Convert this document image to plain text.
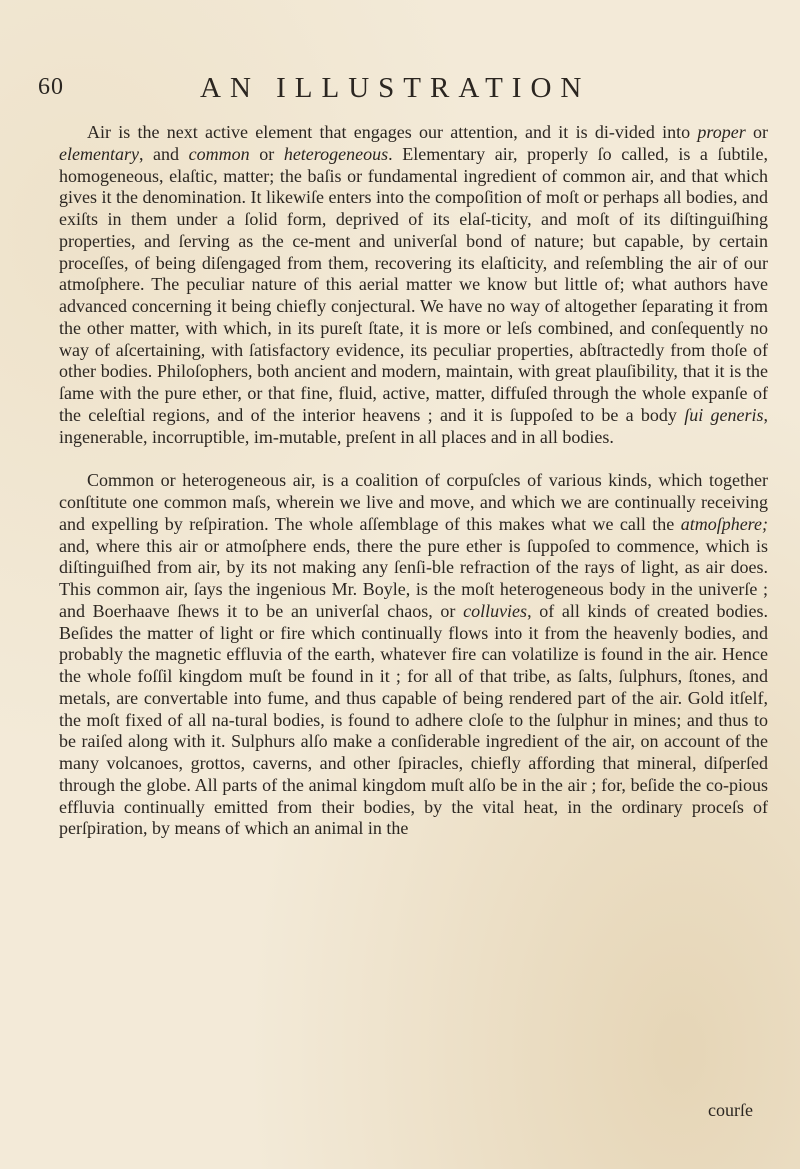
60	AN ILLUSTRATION

Air is the next active element that engages our attention, and it is di-vided into proper or elementary, and common or heterogeneous. Elementary air, properly ſo called, is a ſubtile, homogeneous, elaſtic, matter; the baſis or fundamental ingredient of common air, and that which gives it the denomination. It likewiſe enters into the compoſition of moſt or perhaps all bodies, and exiſts in them under a ſolid form, deprived of its elaſ-ticity, and moſt of its diſtinguiſhing properties, and ſerving as the ce-ment and univerſal bond of nature; but capable, by certain proceſſes, of being diſengaged from them, recovering its elaſticity, and reſembling the air of our atmoſphere. The peculiar nature of this aerial matter we know but little of; what authors have advanced concerning it being chiefly conjectural. We have no way of altogether ſeparating it from the other matter, with which, in its pureſt ſtate, it is more or leſs combined, and conſequently no way of aſcertaining, with ſatisfactory evidence, its peculiar properties, abſtractedly from thoſe of other bodies. Philoſophers, both ancient and modern, maintain, with great plauſibility, that it is the ſame with the pure ether, or that fine, fluid, active, matter, diffuſed through the whole expanſe of the celeſtial regions, and of the interior heavens ; and it is ſuppoſed to be a body ſui generis, ingenerable, incorruptible, im-mutable, preſent in all places and in all bodies.

Common or heterogeneous air, is a coalition of corpuſcles of various kinds, which together conſtitute one common maſs, wherein we live and move, and which we are continually receiving and expelling by reſpiration. The whole aſſemblage of this makes what we call the atmoſphere; and, where this air or atmoſphere ends, there the pure ether is ſuppoſed to commence, which is diſtinguiſhed from air, by its not making any ſenſi-ble refraction of the rays of light, as air does. This common air, ſays the ingenious Mr. Boyle, is the moſt heterogeneous body in the univerſe ; and Boerhaave ſhews it to be an univerſal chaos, or colluvies, of all kinds of created bodies. Beſides the matter of light or fire which continually flows into it from the heavenly bodies, and probably the magnetic effluvia of the earth, whatever fire can volatilize is found in the air. Hence the whole foſſil kingdom muſt be found in it ; for all of that tribe, as ſalts, ſulphurs, ſtones, and metals, are convertable into fume, and thus capable of being rendered part of the air. Gold itſelf, the moſt fixed of all na-tural bodies, is found to adhere cloſe to the ſulphur in mines; and thus to be raiſed along with it. Sulphurs alſo make a conſiderable ingredient of the air, on account of the many volcanoes, grottos, caverns, and other ſpiracles, chiefly affording that mineral, diſperſed through the globe. All parts of the animal kingdom muſt alſo be in the air ; for, beſide the co-pious effluvia continually emitted from their bodies, by the vital heat, in the ordinary proceſs of perſpiration, by means of which an animal in the

courſe
